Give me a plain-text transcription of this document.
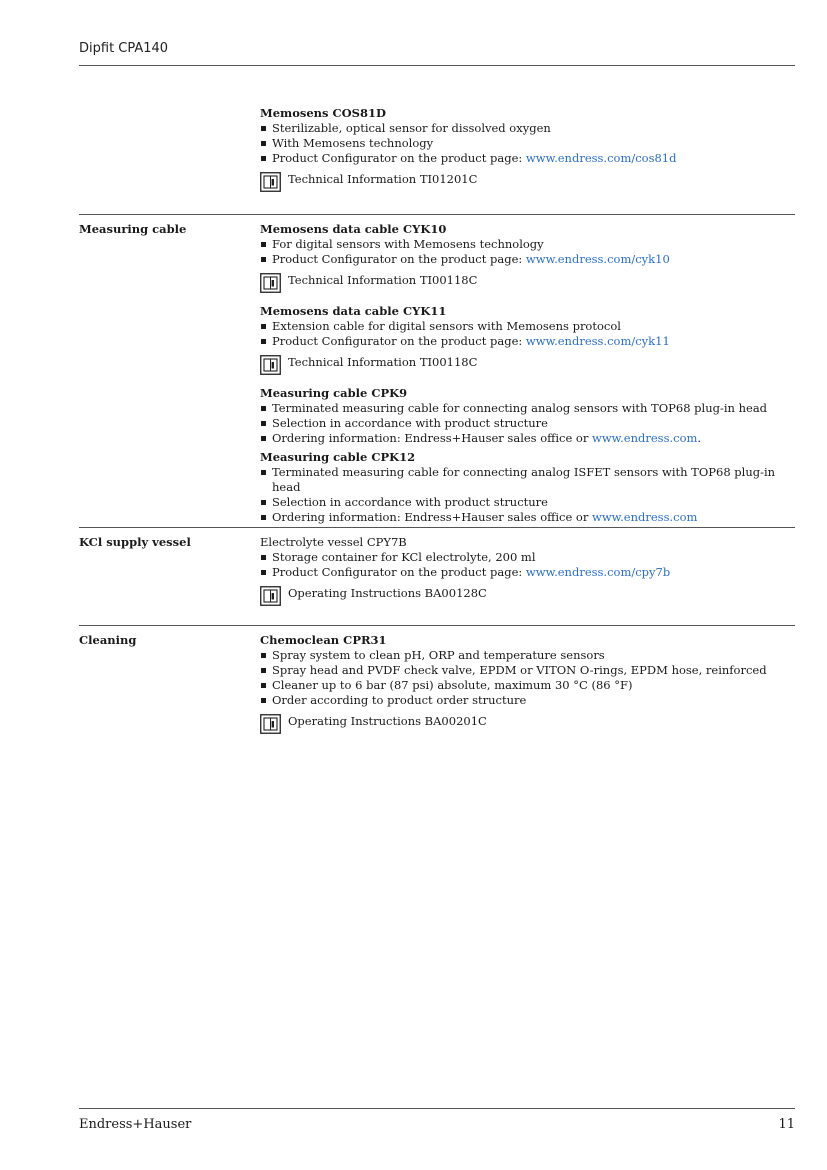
Dipfit CPA140

Memosens COS81D

Sterilizable, optical sensor for dissolved oxygen
With Memosens technology
Product Configurator on the product page: www.endress.com/cos81d
Technical Information TI01201C
Measuring cable	Memosens data cable CYK10

For digital sensors with Memosens technology
Product Configurator on the product page: www.endress.com/cyk10
Technical Information TI00118C

Memosens data cable CYK11

Extension cable for digital sensors with Memosens protocol
Product Configurator on the product page: www.endress.com/cyk11
Technical Information TI00118C

Measuring cable CPK9

Terminated measuring cable for connecting analog sensors with TOP68 plug-in head
Selection in accordance with product structure
Ordering information: Endress+Hauser sales office or www.endress.com.

Measuring cable CPK12

Terminated measuring cable for connecting analog ISFET sensors with TOP68 plug-in head
Selection in accordance with product structure
Ordering information: Endress+Hauser sales office or www.endress.com
KCl supply vessel	Electrolyte vessel CPY7B

Storage container for KCl electrolyte, 200 ml
Product Configurator on the product page: www.endress.com/cpy7b
Operating Instructions BA00128C
Cleaning	Chemoclean CPR31

Spray system to clean pH, ORP and temperature sensors
Spray head and PVDF check valve, EPDM or VITON O-rings, EPDM hose, reinforced
Cleaner up to 6 bar (87 psi) absolute, maximum 30 °C (86 °F)
Order according to product order structure
Operating Instructions BA00201C
Endress+Hauser	11
